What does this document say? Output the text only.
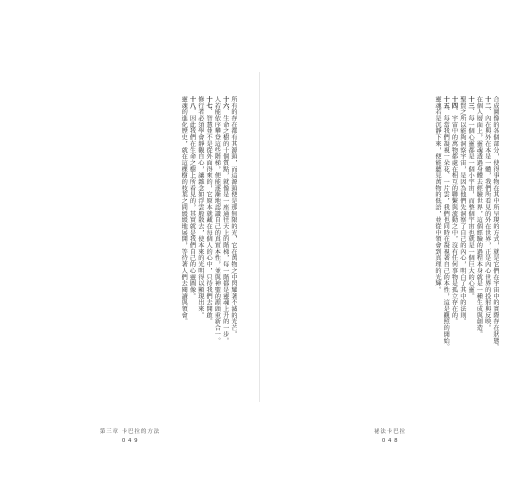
合成圖像的各個部分，使得事物在其中所呈現的方式，就是它們在宇宙中的實際存在狀態。

十二、內在與外在本是一體，我們所看見的外在世界，正是內心世界的投射與反映。

在個人層面上，靈魂透過身體去經驗世界，這個經驗的過程本身就是一種生成與創造。

十三、每一個心靈都是一個小宇宙，而整個宇宙也就是一個巨大的心靈。

聖賢之所以能夠洞察宇宙，是因為他們先洞察了自己的內心，明白了其中的法則。

十四、宇宙中的萬物都處在相互的聯繫與流動之中，沒有任何事物是孤立存在的。

十五、每當我們凝視一朵花、一片雲，我們也同時在凝視著自己的本性，這是觀照的開始。

靈魂若是沉靜下來，便能聽見萬物的低語，並從中領會到真理的光輝。

祕法卡巴拉
0 4 8

所有的存在都有其源頭，而這源頭便是那無限的光，它在萬物之中閃耀著不滅的光芒。

十六、生命之樹的十個質點，就像是一座通往天上的階梯，每一階都是靈魂上升的一步。

人若能依序攀登這些階梯，便能逐漸地認識自己的真實本性，並與神聖的源頭重新合一。

十七、智慧並不是從外面得來的，它原本就藏在每個人的心中，只待我們去開啟。

修行者必須學會靜觀自心，讓雜念如浮雲般散去，使本來的光明得以顯現出來。

十八、因此我們在生命之樹上所看見的，其實就是我們自己的心靈圖像。

靈魂的進化歷史，就在這棵樹的枝葉之間緩緩地展開，等待著人們去閱讀與領會。

第三章 卡巴拉的方法
0 4 9
